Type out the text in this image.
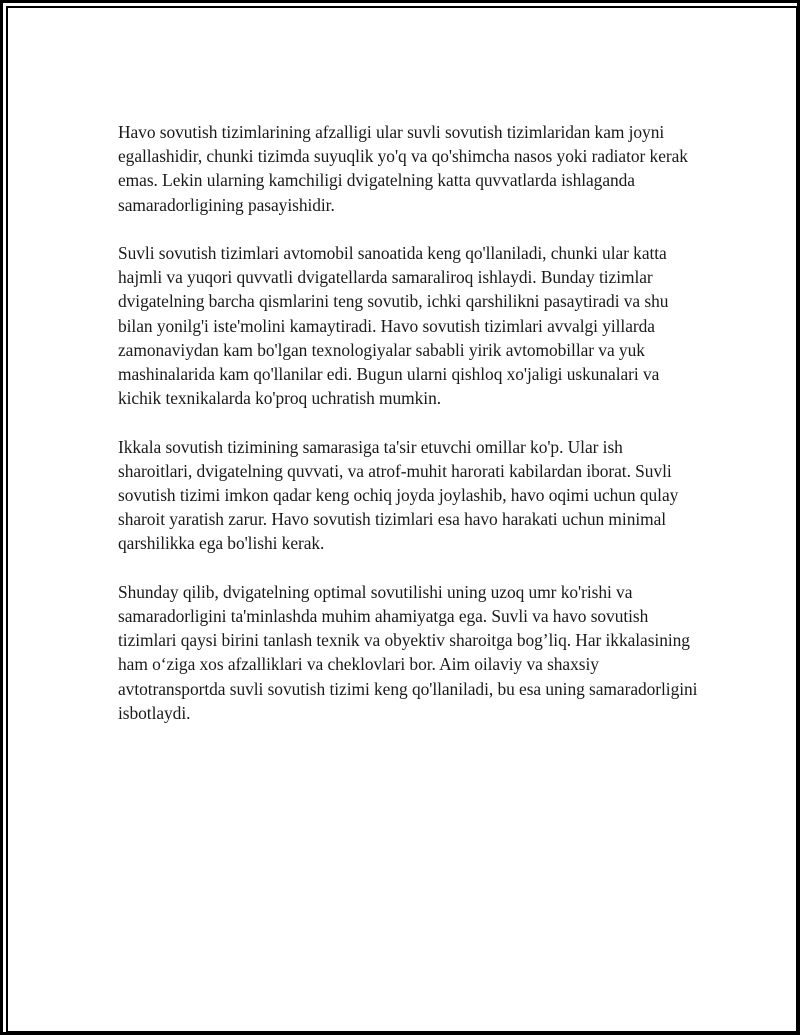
Havo sovutish tizimlarining afzalligi ular suvli sovutish tizimlaridan kam joyni egallashidir, chunki tizimda suyuqlik yo'q va qo'shimcha nasos yoki radiator kerak emas. Lekin ularning kamchiligi dvigatelning katta quvvatlarda ishlaganda samaradorligining pasayishidir.

Suvli sovutish tizimlari avtomobil sanoatida keng qo'llaniladi, chunki ular katta hajmli va yuqori quvvatli dvigatellarda samaraliroq ishlaydi. Bunday tizimlar dvigatelning barcha qismlarini teng sovutib, ichki qarshilikni pasaytiradi va shu bilan yonilg'i iste'molini kamaytiradi. Havo sovutish tizimlari avvalgi yillarda zamonaviydan kam bo'lgan texnologiyalar sababli yirik avtomobillar va yuk mashinalarida kam qo'llanilar edi. Bugun ularni qishloq xo'jaligi uskunalari va kichik texnikalarda ko'proq uchratish mumkin.

Ikkala sovutish tizimining samarasiga ta'sir etuvchi omillar ko'p. Ular ish sharoitlari, dvigatelning quvvati, va atrof-muhit harorati kabilardan iborat. Suvli sovutish tizimi imkon qadar keng ochiq joyda joylashib, havo oqimi uchun qulay sharoit yaratish zarur. Havo sovutish tizimlari esa havo harakati uchun minimal qarshilikka ega bo'lishi kerak.

Shunday qilib, dvigatelning optimal sovutilishi uning uzoq umr ko'rishi va samaradorligini ta'minlashda muhim ahamiyatga ega. Suvli va havo sovutish tizimlari qaysi birini tanlash texnik va obyektiv sharoitga bog’liq. Har ikkalasining ham o‘ziga xos afzalliklari va cheklovlari bor. Aim oilaviy va shaxsiy avtotransportda suvli sovutish tizimi keng qo'llaniladi, bu esa uning samaradorligini isbotlaydi.
